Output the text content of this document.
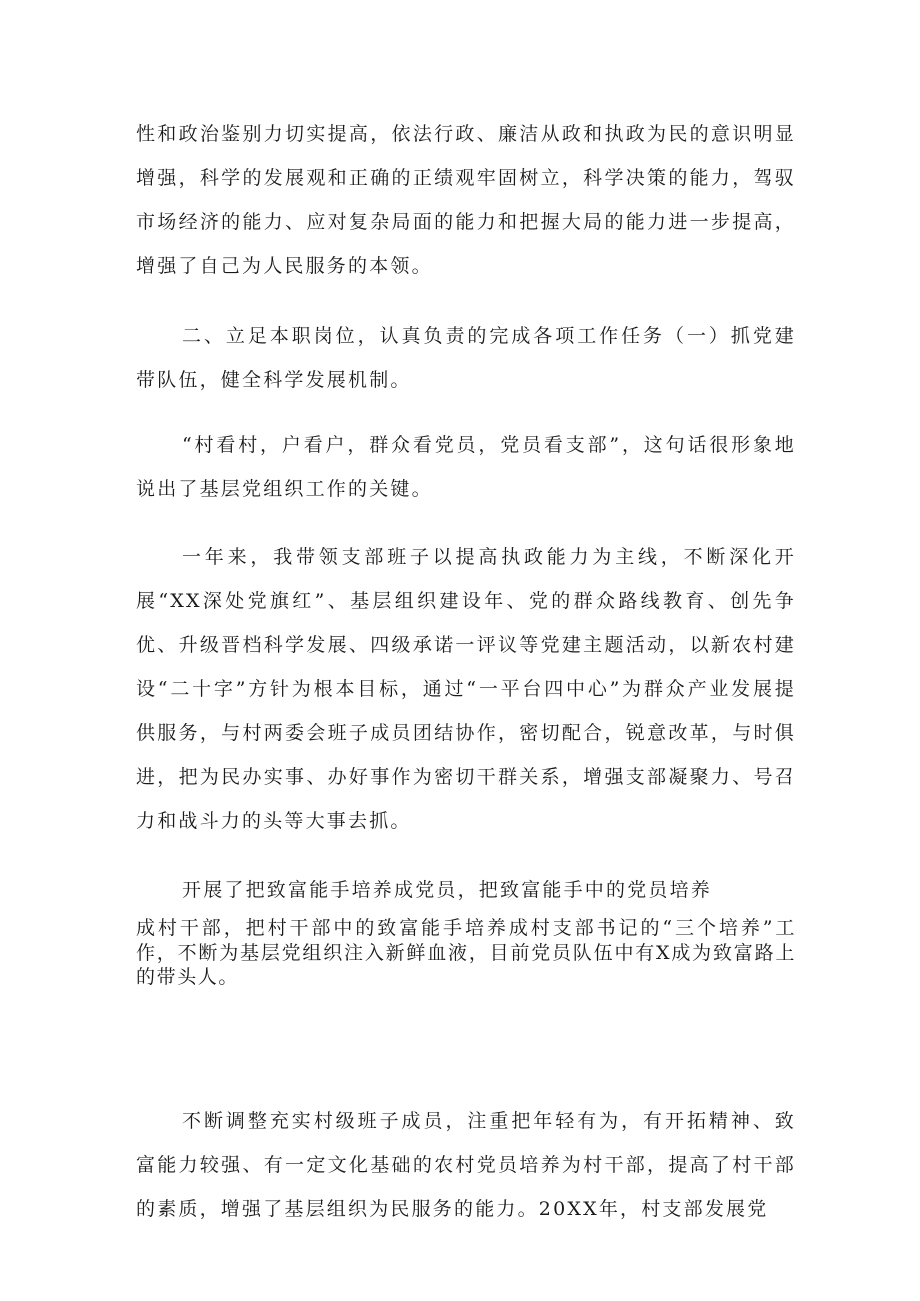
性和政治鉴别力切实提高，依法行政、廉洁从政和执政为民的意识明显增强，科学的发展观和正确的正绩观牢固树立，科学决策的能力，驾驭市场经济的能力、应对复杂局面的能力和把握大局的能力进一步提高，增强了自己为人民服务的本领。

二、立足本职岗位，认真负责的完成各项工作任务（一）抓党建带队伍，健全科学发展机制。

“村看村，户看户，群众看党员，党员看支部”，这句话很形象地说出了基层党组织工作的关键。

一年来，我带领支部班子以提高执政能力为主线，不断深化开展“XX深处党旗红”、基层组织建设年、党的群众路线教育、创先争优、升级晋档科学发展、四级承诺一评议等党建主题活动，以新农村建设“二十字”方针为根本目标，通过“一平台四中心”为群众产业发展提供服务，与村两委会班子成员团结协作，密切配合，锐意改革，与时俱进，把为民办实事、办好事作为密切干群关系，增强支部凝聚力、号召力和战斗力的头等大事去抓。

开展了把致富能手培养成党员，把致富能手中的党员培养

成村干部，把村干部中的致富能手培养成村支部书记的“三个培养”工作，不断为基层党组织注入新鲜血液，目前党员队伍中有X成为致富路上的带头人。

不断调整充实村级班子成员，注重把年轻有为，有开拓精神、致富能力较强、有一定文化基础的农村党员培养为村干部，提高了村干部的素质，增强了基层组织为民服务的能力。20XX年，村支部发展党
